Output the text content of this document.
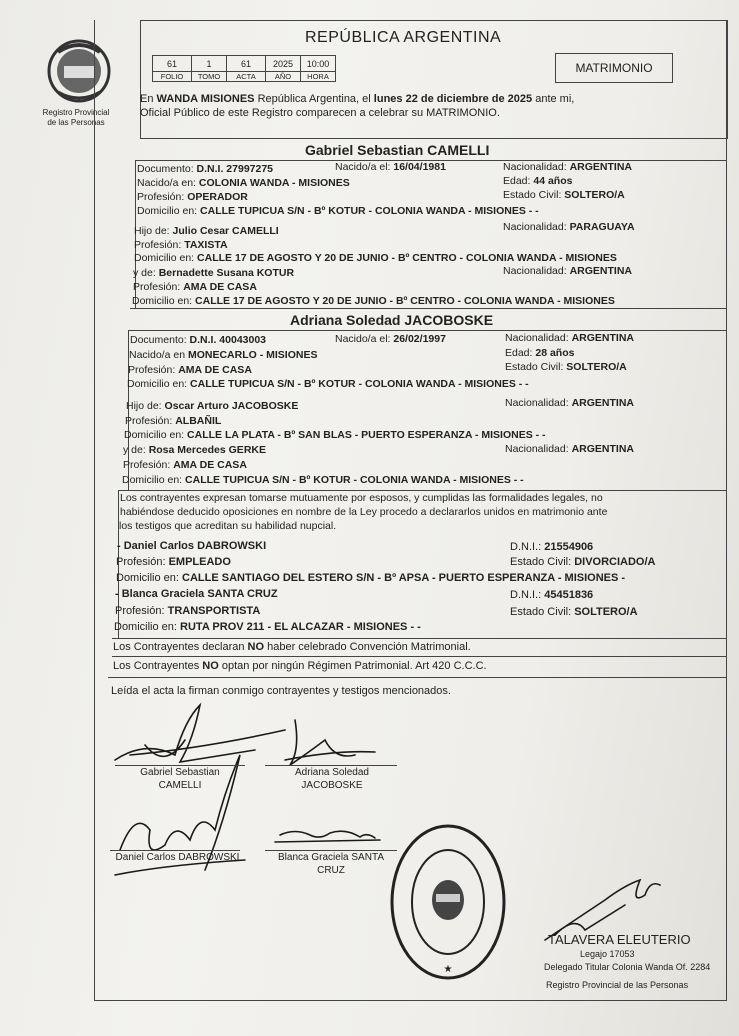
Registro Provincial
de las Personas
REPÚBLICA ARGENTINA
61	1	61	2025	10:00
FOLIO	TOMO	ACTA	AÑO	HORA
MATRIMONIO
En WANDA MISIONES República Argentina, el lunes 22 de diciembre de 2025 ante mi,
Oficial Público de este Registro comparecen a celebrar su MATRIMONIO.
Gabriel Sebastian CAMELLI
Documento: D.N.I. 27997275	Nacido/a el: 16/04/1981	Nacionalidad: ARGENTINA
Nacido/a en: COLONIA WANDA - MISIONES	Edad: 44 años
Profesión: OPERADOR	Estado Civil: SOLTERO/A
Domicilio en: CALLE TUPICUA S/N - Bº KOTUR - COLONIA WANDA - MISIONES - -
Hijo de: Julio Cesar CAMELLI	Nacionalidad: PARAGUAYA
Profesión: TAXISTA
Domicilio en: CALLE 17 DE AGOSTO Y 20 DE JUNIO - Bº CENTRO - COLONIA WANDA - MISIONES
y de: Bernadette Susana KOTUR	Nacionalidad: ARGENTINA
Profesión: AMA DE CASA
Domicilio en: CALLE 17 DE AGOSTO Y 20 DE JUNIO - Bº CENTRO - COLONIA WANDA - MISIONES
Adriana Soledad JACOBOSKE
Documento: D.N.I. 40043003	Nacido/a el: 26/02/1997	Nacionalidad: ARGENTINA
Nacido/a en MONECARLO - MISIONES	Edad: 28 años
Profesión: AMA DE CASA	Estado Civil: SOLTERO/A
Domicilio en: CALLE TUPICUA S/N - Bº KOTUR - COLONIA WANDA - MISIONES - -
Hijo de: Oscar Arturo JACOBOSKE	Nacionalidad: ARGENTINA
Profesión: ALBAÑIL
Domicilio en: CALLE LA PLATA - Bº SAN BLAS - PUERTO ESPERANZA - MISIONES - -
y de: Rosa Mercedes GERKE	Nacionalidad: ARGENTINA
Profesión: AMA DE CASA
Domicilio en: CALLE TUPICUA S/N - Bº KOTUR - COLONIA WANDA - MISIONES - -
Los contrayentes expresan tomarse mutuamente por esposos, y cumplidas las formalidades legales, no
habiéndose deducido oposiciones en nombre de la Ley procedo a declararlos unidos en matrimonio ante
los testigos que acreditan su habilidad nupcial.
- Daniel Carlos DABROWSKI	D.N.I.: 21554906
Profesión: EMPLEADO	Estado Civil: DIVORCIADO/A
Domicilio en: CALLE SANTIAGO DEL ESTERO S/N - Bº APSA - PUERTO ESPERANZA - MISIONES -
- Blanca Graciela SANTA CRUZ	D.N.I.: 45451836
Profesión: TRANSPORTISTA	Estado Civil: SOLTERO/A
Domicilio en: RUTA PROV 211 - EL ALCAZAR - MISIONES - -
Los Contrayentes declaran NO haber celebrado Convención Matrimonial.
Los Contrayentes NO optan por ningún Régimen Patrimonial. Art 420 C.C.C.
Leída el acta la firman conmigo contrayentes y testigos mencionados.
Gabriel Sebastian
CAMELLI
Adriana Soledad
JACOBOSKE
Daniel Carlos DABROWSKI	Blanca Graciela SANTA
CRUZ
★
TALAVERA ELEUTERIO
Legajo 17053
Delegado Titular Colonia Wanda Of. 2284
Registro Provincial de las Personas
